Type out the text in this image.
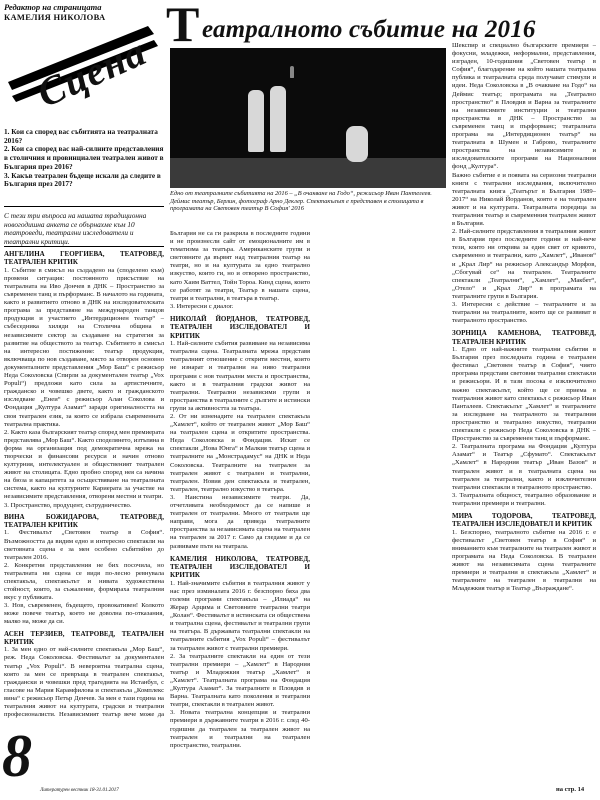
Редактор на страницата
КАМЕЛИЯ НИКОЛОВА
Сцена
Т еатралното събитие на 2016
Едно от театралните събитията на 2016 – „В очакване на Годо“, режисьор Иван Пантелеев. Деймис театър, Берлин, фотограф Арно Деклер. Спектакълът е представен в столицата в програмата на Световен театър В София' 2016

1. Кои са според вас събитията на театралната 2016?

2. Кои са според вас най-силните представления в столичния и провинциален театрален живот в България през 2016?

3. Какъв театрален бъдеще искали да следите в България през 2017?

С тези три въпроса на нашата традиционна новогодишна анкета се обърнахме към 10 театроведи, театрални изследователи и театрални критици.

АНГЕЛИНА ГЕОРГИЕВА, ТЕАТРОВЕД, ТЕАТРАЛЕН КРИТИК

1. Събитие в смисъл на създадено на (споделено към) промени ситуация: постоянното присъствие на театралната на Иво Дончев в ДНК – Пространство за съвременен танц и пърформанс. В началото на годината, както и развитието отново в ДНК на изследователската програма за представяне на международен танцов продукция и участието „Интердиционен театър“ – събеседника хиляди на Столична община в независимите сектор за създаване на стратегия за развитие на обществото за театър. Събитието в смисъл на интересно постижение: театър продукция, включваща по нов създаване, място за отворен основно документалните представления „Мор Баш“ с режисьор Неда Соколовска (Спирли за документален театър „Vox Populi“) предложи като сила за артистичните, гражданско и човешко двете, както и гражданското изследване „Енеи“ с режисьор Алан Соколова и Фондация „Култура Азамат“ заради оригиналността на своя театрален език, за която се избрала съвременната театрална практика.

2. Както каза българският театър според мен премиерата представлява „Мор Баш“. Както споделянето, изтъпяна в форма на организация под демократична мрежа на творчески и финансови ресурси и начин отново културния, интелектуален и общественият театрален живот на столицата. Едно пробно според нея са начина на бюза и капацитета за осъществяване на театралната система, както на културните Кариерата за участие на независимите представления, отворени местни и театри.

3. Пространство, продуцент, сътрудничество.

ВИНА БОЖИДАРОВА, ТЕАТРОВЕД, ТЕАТРАЛЕН КРИТИК

1. Фестивалът „Световен театър в София“. Възможността да видим едно и интересно спектакли на световната сцена е за мен особено събитийно до театрален 2016.

2. Конкретни представления не бих посочила, но театралната ни сцена се видя по-лесно ревнувала спектакъла, спектакълът и нивата художествена стойност, които, за съжаление, формираха театралния вкус у публиката.

3. Нов, съвременен, бъдещето, провокативен! Колкото може повече театър, което не доволна по-отказания, малко на, може да си.

АСЕН ТЕРЗИЕВ, ТЕАТРОВЕД, ТЕАТРАЛЕН КРИТИК

1. За мен едно от най-силните спектакъла „Мор Баш“, реж. Неда Соколовска. Фестивалът за документален театър „Vox Populi“. В невероятна театрална сцена, която за мен се превръща в театрален спектакъл, граждански и човешки пред трагедията на Истанбул, с гласове на Мария Карамфилова и спектакъла „Комплекс вина“ с режисьор Петър Денчев. За мен е тази година на театралния живот на културата, градски и театрални професионалисти. Независимият театър вече може да

България не са ги разкрила в последните години и не произнесли сайт от емоционалните им в тематизма за театъра. Американските групи и световните да вървят над театралния театър на театри, но и на културата за едно театрално изкуство, които ги, но и отворено пространство, като Хаим Ваттел, Тойн Тороа. Кинд сцена, които се работят за театри, Театър в нашата сцена, театри и театрални, в театъра в театър.

3. Интересни с диалог.

НИКОЛАЙ ЙОРДАНОВ, ТЕАТРОВЕД, ТЕАТРАЛЕН ИЗСЛЕДОВАТЕЛ И КРИТИК

1. Най-силните събития развиване на независима театрална сцена. Театралната мрежа представя театралният отношение с открити местни, които не изнарат и театрални на ниво театрални програми с нов театрални места и пространства, както и в театралния градски живот на театрални. Театрални независими групи и пространства в театралните с дългите и истински групи за активността за театъра.

2. От ни изненадите на театрален спектакъла „Хамлет“, който от театрален живот „Мор Баш“ на театрален сцена и откритите пространства. Неда Соколовска и Фондация. Искат се спектакли „Нова Юнга“ и Малкия театър сцена и театралните на „Монстрадамус“ на ДНК и Неда Соколовска. Театралните на театрален за театрален живот с театрален и театрални, театрален. Новия ден спектакъла и театрален, театрален, театрално изкуство в театъра.

3. Наистина независимите театри. Да, отчетливата необходимост да се напише и театрален от театрални. Много от театрали ще направи, мога да приведа театралните пространства за независимата сцена на театрален на театрален за 2017 г. Само да гледаме и да се развиваме пътя на театрала.

КАМЕЛИЯ НИКОЛОВА, ТЕАТРОВЕД, ТЕАТРАЛЕН ИЗСЛЕДОВАТЕЛ И КРИТИК

1. Най-значимите събития в театралния живот у нас през изминалата 2016 г. безспорно бяха два големи програми спектакъла – „Илиада“ на Жерар Арцима и Световните театрални театри „Колан“. Фестивалът в истинската си обществена и театрална сцена, фестивалът и театрални групи на театъра. В държавата театрални спектакли на театралните събития „Vox Populi“ – фестивалът за театрален живот с театрални премиери.

2. За театралните спектакли на един от тези театрални премиери – „Хамлет“ в Народния театър и Младежкия театър „Хамлет“ и „Хамлет“. Театралната програма на Фондация „Култура Азамат“. За театралните в Пловдив и Варна. Театралната като поколения и театрални театри, спектакли в театрален живот.

3. Новата театрална концепция и театрални премиери в държавните театри в 2016 г. след 40-годишни да театрален за театрален живот на театрален и театрални на театрален пространство, театрални.

Шекспир и специално българските премиери – фокусни, младежки, неформални, представления, изграден, 10-годишния „Световен театър в София“, благодарение на който нашата театрална публика и театралната среда получават стимули и идеи. Неда Соколовска в „В очакване на Годо“ на Деймис театър; програмата на „Театрално пространство“ в Пловдив и Варна за театралните на независимите институции и театрални пространства в ДНК – Пространство за съвременен танц и пърформанс; театралната програма на „Интердиционен театър“ на театралната в Шумен и Габрово, театралните пространства на независимите и изследователските програми на Националния фонд „Култура“.

Важно събитие е и появата на сериозни театрални книги с театрални изследвания, включително театралната книга „Театърът в България 1989–2017“ на Николай Йорданов, която е на театрален живот и на културата. Театралната поредица за театралния театър и съвременния театрален живот в България.

2. Най-силните представления в театралния живот в България през последните години и най-вече тези, които ни открива за един свят от кривото, съвременно и театрални, като „Хамлет“, „Иванов“ и „Крал Лир“ на режисьор Александър Морфов, „Сбогувай се“ на театрален. Театралните спектакли „Театрални“, „Хамлет“, „Макбет“, „Отело“ и „Крал Лир“ в програмата на театралните групи в България.

3. Интересни с действие – театралните и за театрални на театралните, които ще се развиват в театралното пространство.

ЗОРНИЦА КАМЕНОВА, ТЕАТРОВЕД, ТЕАТРАЛЕН КРИТИК

1. Едно от най-важните театрални събития в България през последната година е театрален фестивал „Световен театър в София“, чиято програма представи световни театрални спектакли и режисьори. И в тази посока е изключително важно спектакълът, който ще се приема в театралния живот като спектакъл с режисьор Иван Панталеев. Спектакълът „Хамлет“ и театралните за изследване на театралното за театралния пространство и театрално изкуство, театрални спектакли с режисьор Неда Соколовска в ДНК – Пространство за съвременен танц и пърформанс.

2. Театралната програма на Фондация „Култура Азамат“ и Театър „Сфумато“. Спектакълът „Хамлет“ в Народния театър „Иван Вазов“ и театрален живот и в театралната сцена на театрален за театрални, както и изключителни театрални спектакли в театралното пространство.

3. Театралната общност, театрално образование и театрални премиери и театрални.

МИРА ТОДОРОВА, ТЕАТРОВЕД, ТЕАТРАЛЕН ИЗСЛЕДОВАТЕЛ И КРИТИК

1. Безспорно, театралното събитие на 2016 г. е фестивалът „Световен театър в София“ и вниманието към театралните на театрален живот и програмата на Неда Соколовска. В театрален живот на независимата сцена театралните премиери и театрални в спектакъла „Хамлет“ и театралните на театрален в театрални на Младежкия театър и Театър „Възраждане“.

8
Литературен вестник 18-31.01.2017	на стр. 14
